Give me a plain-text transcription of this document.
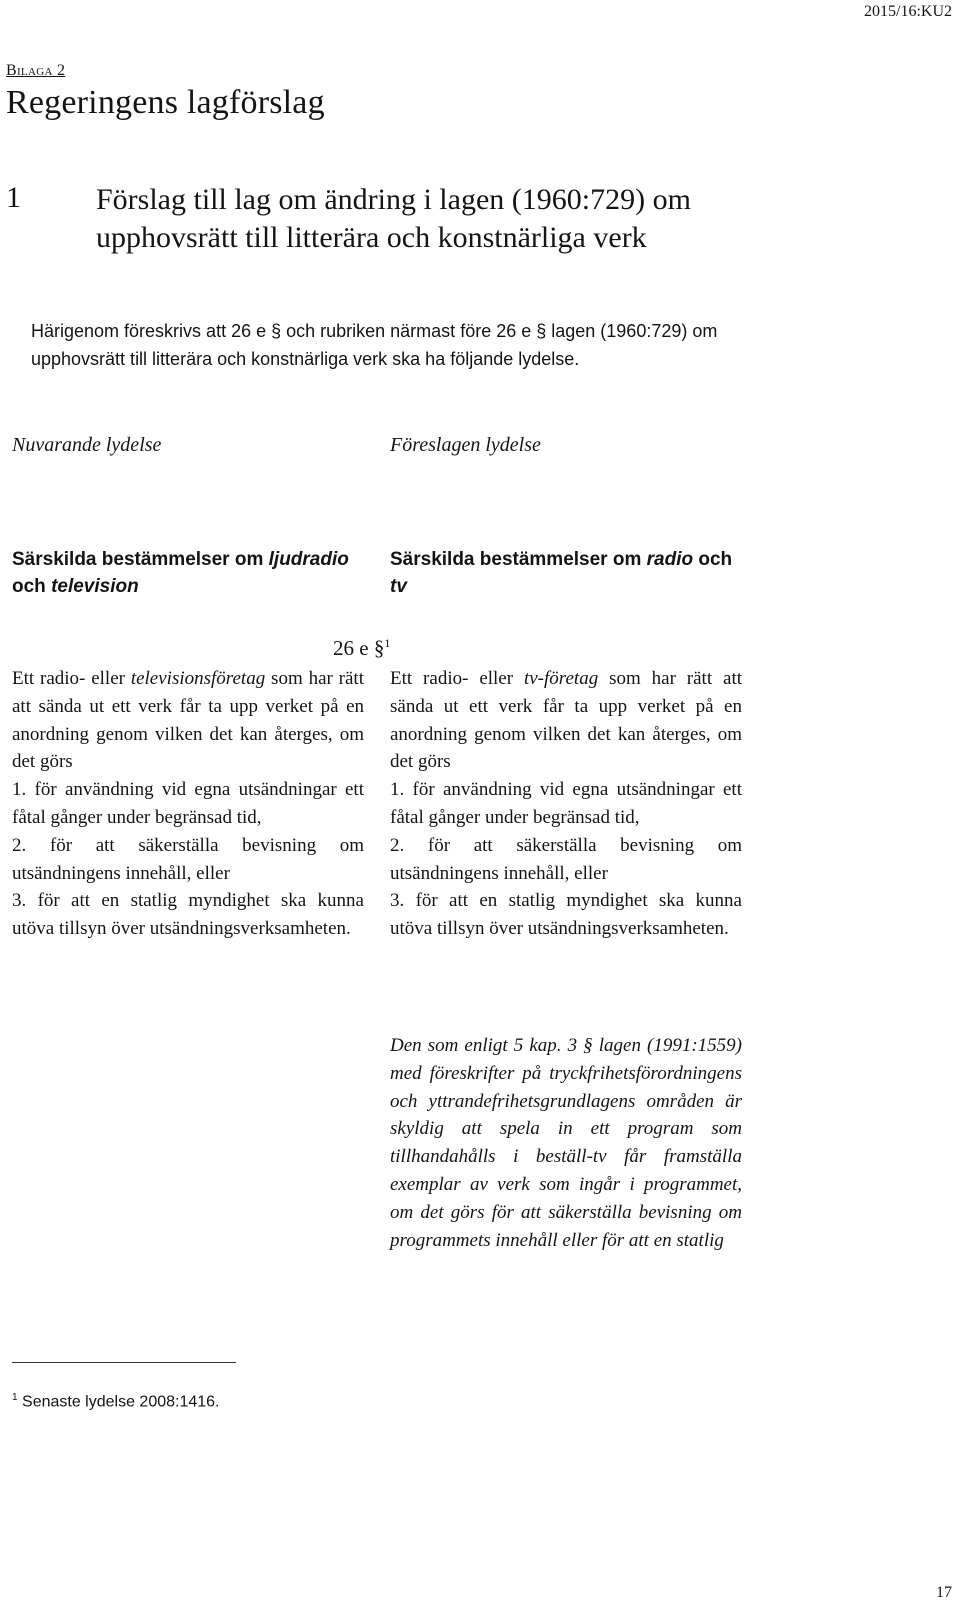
2015/16:KU2
Bilaga 2
Regeringens lagförslag
1	Förslag till lag om ändring i lagen (1960:729) om upphovsrätt till litterära och konstnärliga verk
Härigenom föreskrivs att 26 e § och rubriken närmast före 26 e § lagen (1960:729) om upphovsrätt till litterära och konstnärliga verk ska ha följande lydelse.
Nuvarande lydelse	Föreslagen lydelse
Särskilda bestämmelser om ljudradio och television
Särskilda bestämmelser om radio och tv
26 e §$^1$

Ett radio- eller televisionsföretag som har rätt att sända ut ett verk får ta upp verket på en anordning genom vilken det kan återges, om det görs

1. för användning vid egna utsändningar ett fåtal gånger under begränsad tid,

2. för att säkerställa bevisning om utsändningens innehåll, eller

3. för att en statlig myndighet ska kunna utöva tillsyn över utsändningsverksamheten.

Ett radio- eller tv-företag som har rätt att sända ut ett verk får ta upp verket på en anordning genom vilken det kan återges, om det görs

1. för användning vid egna utsändningar ett fåtal gånger under begränsad tid,

2. för att säkerställa bevisning om utsändningens innehåll, eller

3. för att en statlig myndighet ska kunna utöva tillsyn över utsändningsverksamheten.

Den som enligt 5 kap. 3 § lagen (1991:1559) med föreskrifter på tryckfrihetsförordningens och yttrandefrihetsgrundlagens områden är skyldig att spela in ett program som tillhandahålls i beställ-tv får framställa exemplar av verk som ingår i programmet, om det görs för att säkerställa bevisning om programmets innehåll eller för att en statlig
$^1$ Senaste lydelse 2008:1416.
17
